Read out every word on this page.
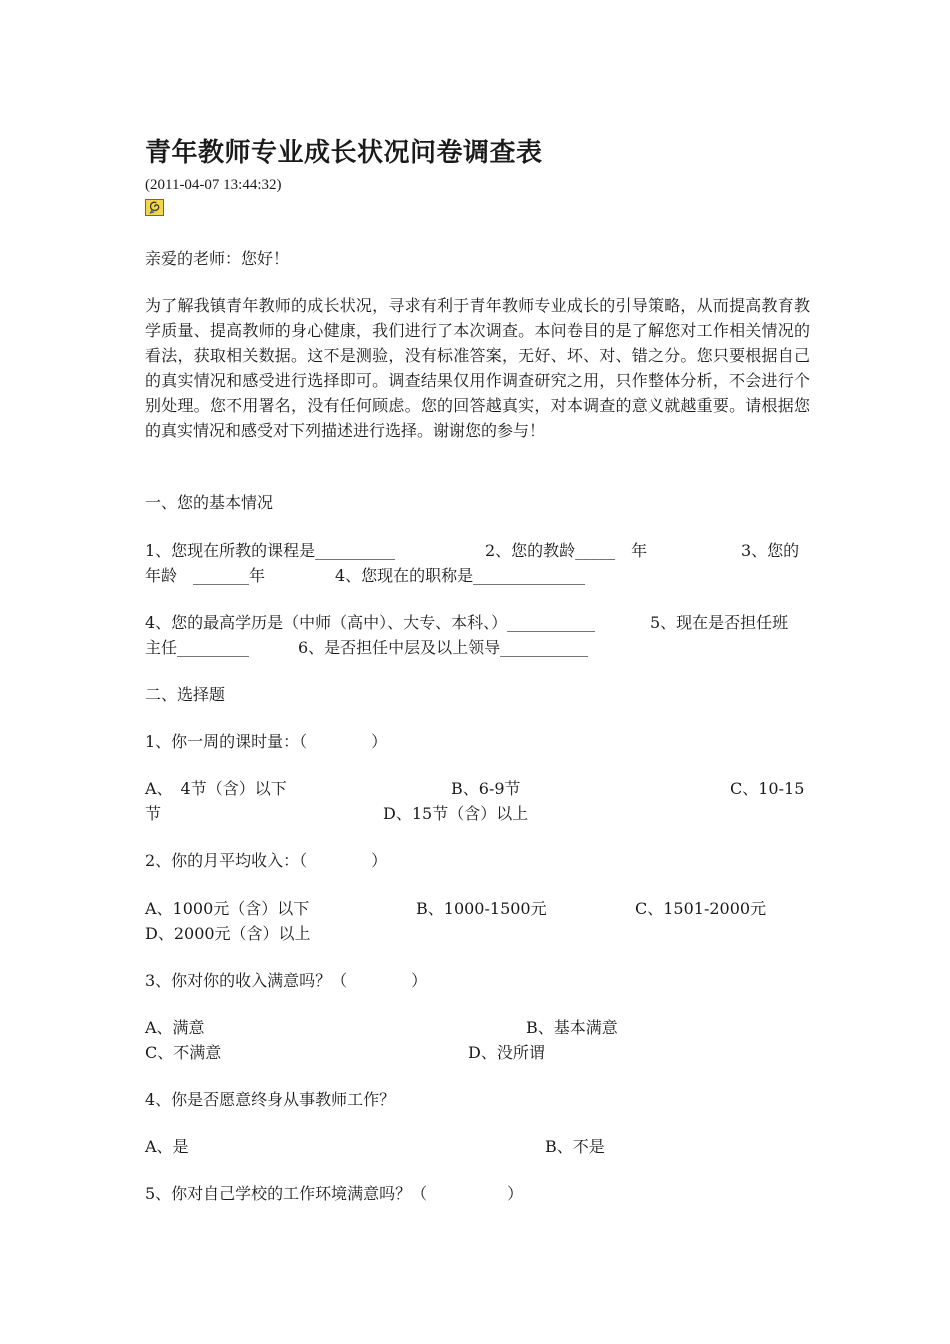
青年教师专业成长状况问卷调查表
(2011-04-07 13:44:32)
亲爱的老师：您好！
为了解我镇青年教师的成长状况，寻求有利于青年教师专业成长的引导策略，从而提高教育教学质量、提高教师的身心健康，我们进行了本次调查。本问卷目的是了解您对工作相关情况的看法，获取相关数据。这不是测验，没有标准答案，无好、坏、对、错之分。您只要根据自己的真实情况和感受进行选择即可。调查结果仅用作调查研究之用，只作整体分析，不会进行个别处理。您不用署名，没有任何顾虑。您的回答越真实，对本调查的意义就越重要。请根据您的真实情况和感受对下列描述进行选择。谢谢您的参与！
一、您的基本情况
1、您现在所教的课程是__________	2、您的教龄_____　年	3、您的
年龄　_______年	4、您现在的职称是______________
4、您的最高学历是（中师（高中）、大专、本科、）___________	5、现在是否担任班
主任_________	6、是否担任中层及以上领导___________
二、选择题
1、你一周的课时量：（　　　　）
A、　4节（含）以下	B、6-9节	C、10-15
节	D、15节（含）以上
2、你的月平均收入：（　　　　）
A、1000元（含）以下	B、1000-1500元	C、1501-2000元
D、2000元（含）以上
3、你对你的收入满意吗？（　　　　）
A、满意	B、基本满意
C、不满意	D、没所谓
4、你是否愿意终身从事教师工作？
A、是	B、不是
5、你对自己学校的工作环境满意吗？（　　　　　）
